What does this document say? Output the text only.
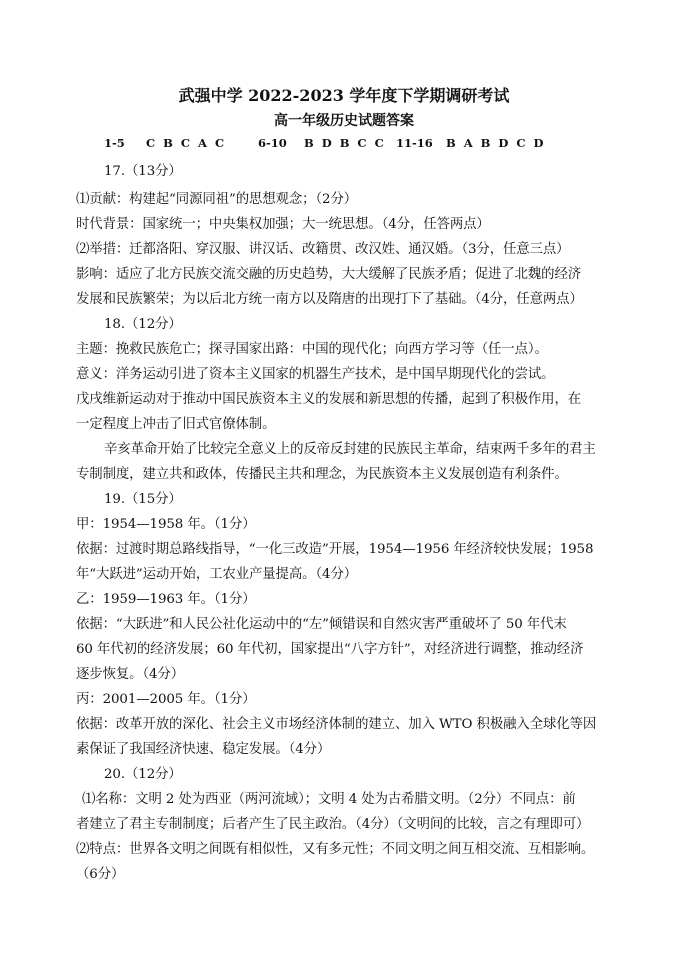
武强中学 2022-2023 学年度下学期调研考试
高一年级历史试题答案
1-5 C B C A C	6-10 B D B C C 11-16 B A B D C D
17.（13分）
⑴贡献：构建起“同源同祖”的思想观念；（2分）
时代背景：国家统一；中央集权加强；大一统思想。（4分，任答两点）
⑵举措：迁都洛阳、穿汉服、讲汉话、改籍贯、改汉姓、通汉婚。（3分，任意三点）
影响：适应了北方民族交流交融的历史趋势，大大缓解了民族矛盾；促进了北魏的经济
发展和民族繁荣；为以后北方统一南方以及隋唐的出现打下了基础。（4分，任意两点）
18.（12分）
主题：挽救民族危亡；探寻国家出路：中国的现代化；向西方学习等（任一点）。
意义：洋务运动引进了资本主义国家的机器生产技术，是中国早期现代化的尝试。
戊戌维新运动对于推动中国民族资本主义的发展和新思想的传播，起到了积极作用，在
一定程度上冲击了旧式官僚体制。
辛亥革命开始了比较完全意义上的反帝反封建的民族民主革命，结束两千多年的君主
专制制度，建立共和政体，传播民主共和理念，为民族资本主义发展创造有利条件。
19.（15分）
甲：1954—1958 年。（1分）
依据：过渡时期总路线指导，“一化三改造”开展，1954—1956 年经济较快发展；1958
年“大跃进”运动开始，工农业产量提高。（4分）
乙：1959—1963 年。（1分）
依据：“大跃进”和人民公社化运动中的“左”倾错误和自然灾害严重破坏了 50 年代末
60 年代初的经济发展；60 年代初，国家提出“八字方针”，对经济进行调整，推动经济
逐步恢复。（4分）
丙：2001—2005 年。（1分）
依据：改革开放的深化、社会主义市场经济体制的建立、加入 WTO 积极融入全球化等因
素保证了我国经济快速、稳定发展。（4分）
20.（12分）
⑴名称：文明 2 处为西亚（两河流域）；文明 4 处为古希腊文明。（2分）不同点：前
者建立了君主专制制度；后者产生了民主政治。（4分）（文明间的比较，言之有理即可）
⑵特点：世界各文明之间既有相似性，又有多元性；不同文明之间互相交流、互相影响。
（6分）
